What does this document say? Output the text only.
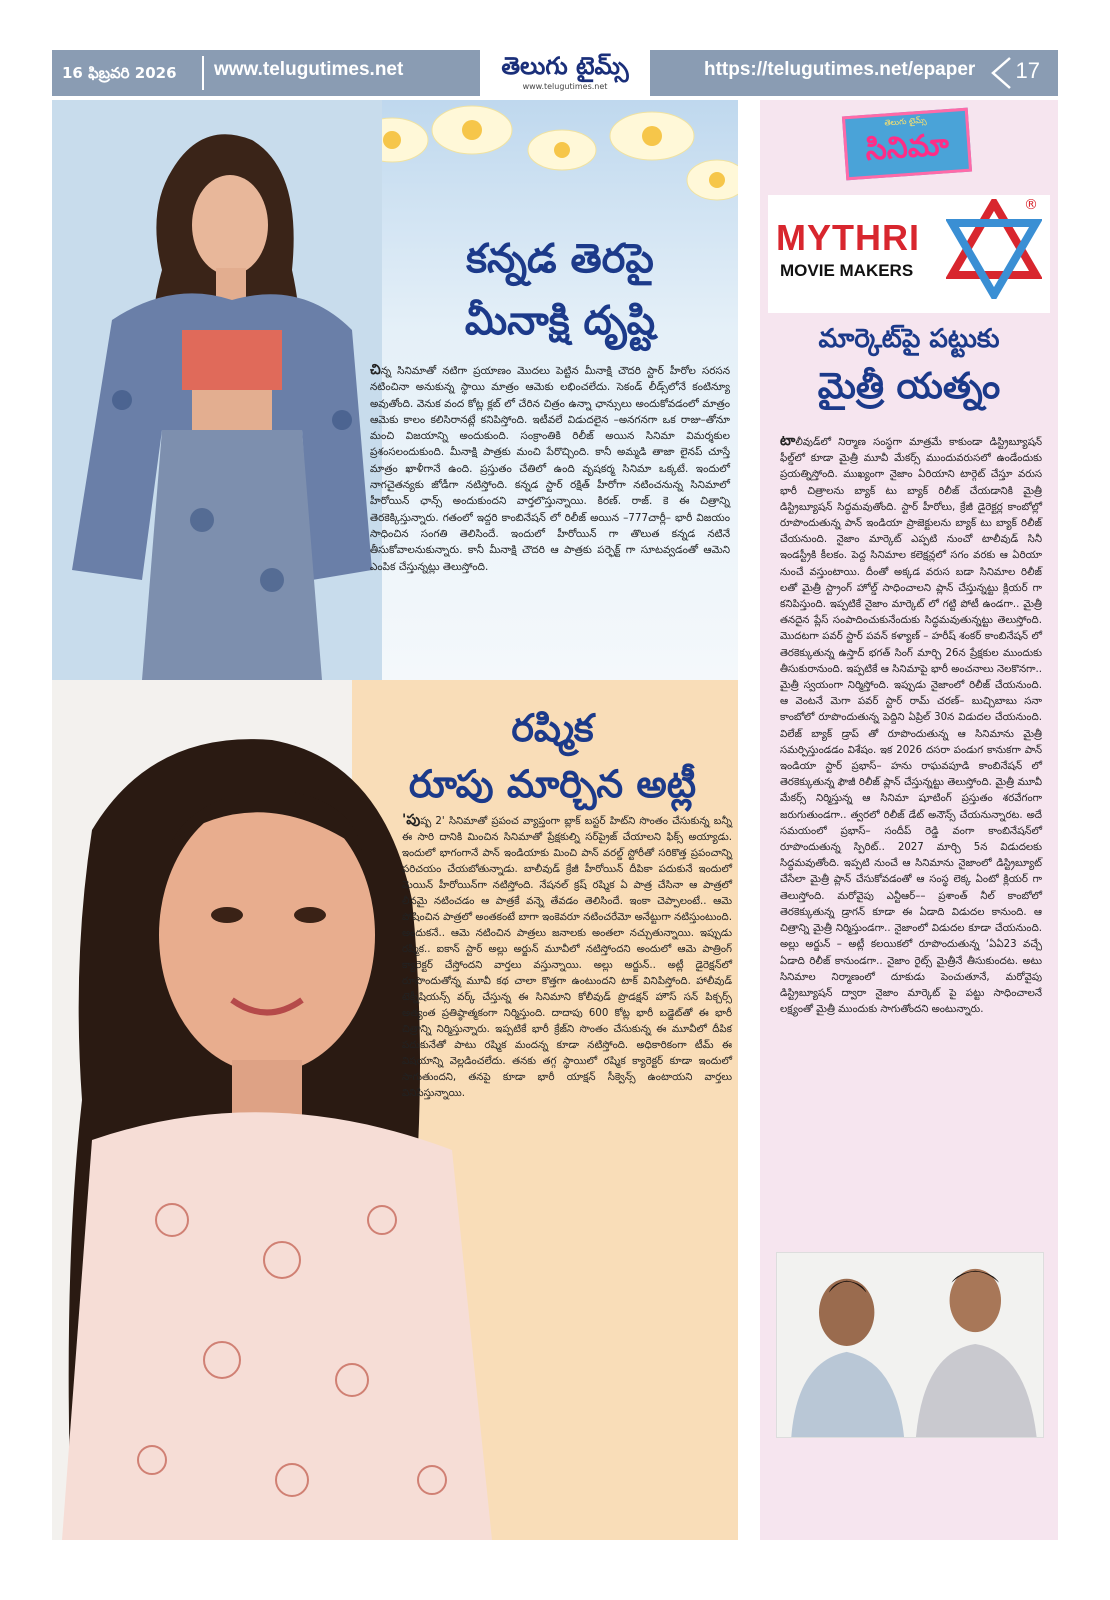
16 ఫిబ్రవరి 2026 www.telugutimes.net	తెలుగు టైమ్స్
www.telugutimes.net
https://telugutimes.net/epaper 17
కన్నడ తెరపై
మీనాక్షి దృష్టి
చిన్న సినిమాతో నటిగా ప్రయాణం మొదలు పెట్టిన మీనాక్షి చౌదరి స్టార్ హీరోల సరసన నటించినా అనుకున్న స్థాయి మాత్రం ఆమెకు లభించలేదు. సెకండ్ లీడ్స్‌లోనే కంటిన్యూ అవుతోంది. వెనుక వంద కోట్ల క్లబ్ లో చేరిన చిత్రం ఉన్నా ఛాన్సులు అందుకోవడంలో మాత్రం ఆమెకు కాలం కలిసిరానట్లే కనిపిస్తోంది. ఇటీవలే విడుదలైన –అనగనగా ఒక రాజు–తోనూ మంచి విజయాన్ని అందుకుంది. సంక్రాంతికి రిలీజ్ అయిన సినిమా విమర్శకుల ప్రశంసలందుకుంది. మీనాక్షి పాత్రకు మంచి పేరొచ్చింది. కానీ అమ్మడి తాజా లైనప్ చూస్తే మాత్రం ఖాళీగానే ఉంది. ప్రస్తుతం చేతిలో ఉంది వృషకర్మ సినిమా ఒక్కటే. ఇందులో నాగచైతన్యకు జోడీగా నటిస్తోంది. కన్నడ స్టార్ రక్షిత్ హీరోగా నటించనున్న సినిమాలో హీరోయిన్ ఛాన్స్ అందుకుందని వార్తలొస్తున్నాయి. కిరణ్. రాజ్. కె ఈ చిత్రాన్ని తెరకెక్కిస్తున్నారు. గతంలో ఇద్దరి కాంబినేషన్ లో రిలీజ్ అయిన –777చార్లీ– భారీ విజయం సాధించిన సంగతి తెలిసిందే. ఇందులో హీరోయిన్ గా తొలుత కన్నడ నటినే తీసుకోవాలనుకున్నారు. కానీ మీనాక్షి చౌదరి ఆ పాత్రకు పర్ఫెక్ట్ గా సూటవ్వడంతో ఆమెని ఎంపిక చేస్తున్నట్లు తెలుస్తోంది.
రష్మిక
రూపు మార్చిన అట్లీ
'పుష్ప 2' సినిమాతో ప్రపంచ వ్యాప్తంగా బ్లాక్ బస్టర్ హిట్‌ని సొంతం చేసుకున్న బన్నీ ఈ సారి దానికి మించిన సినిమాతో ప్రేక్షకుల్ని సర్‌ప్రైజ్ చేయాలని ఫిక్స్ అయ్యాడు. ఇందులో భాగంగానే పాన్ ఇండియాకు మించి పాన్ వరల్డ్ స్టోరీతో సరికొత్త ప్రపంచాన్ని పరిచయం చేయబోతున్నాడు. బాలీవుడ్ క్రేజీ హీరోయిన్ దీపికా పదుకునే ఇందులో మెయిన్ హీరోయిన్‌గా నటిస్తోంది. నేషనల్ క్రష్ రష్మిక ఏ పాత్ర చేసినా ఆ పాత్రలో లీనమై నటించడం ఆ పాత్రకే వన్నె తేవడం తెలిసిందే. ఇంకా చెప్పాలంటే.. ఆమె పోషించిన పాత్రలో అంతకంటే బాగా ఇంకెవరూ నటించరేమో అనేట్టుగా నటిస్తుంటుంది. అందుకనే.. ఆమె నటించిన పాత్రలు జనాలకు అంతలా నచ్చుతున్నాయి. ఇప్పుడు రష్మిక.. ఐకాన్ స్టార్ అల్లు అర్జున్ మూవీలో నటిస్తోందని అందులో ఆమె పాత్రింగ్ క్యారెక్టర్ చేస్తోందని వార్తలు వస్తున్నాయి. అల్లు అర్జున్.. అట్లీ డైరెక్షన్‌లో రూపొందుతోన్న మూవీ కథ చాలా కొత్తగా ఉంటుందని టాక్ వినిపిస్తోంది. హాలీవుడ్ టెక్నీషియన్స్ వర్క్ చేస్తున్న ఈ సినిమాని కోలీవుడ్ ప్రొడక్షన్ హౌస్ సన్ పిక్చర్స్ అత్యంత ప్రతిష్ఠాత్మకంగా నిర్మిస్తుంది. దాదాపు 600 కోట్ల భారీ బడ్జెట్‌తో ఈ భారీ చిత్రాన్ని నిర్మిస్తున్నారు. ఇప్పటికే భారీ క్రేజ్‌ని సొంతం చేసుకున్న ఈ మూవీలో దీపిక పదుకునేతో పాటు రష్మిక మందన్న కూడా నటిస్తోంది. అధికారికంగా టీమ్ ఈ విషయాన్ని వెల్లడించలేదు. తనకు తగ్గ స్థాయిలో రష్మిక క్యారెక్టర్ కూడా ఇందులో సాగుతుందని, తనపై కూడా భారీ యాక్షన్ సీక్వెన్స్ ఉంటాయని వార్తలు వినిపిస్తున్నాయి.
తెలుగు టైమ్స్
సినిమా
MYTHRI
MOVIE MAKERS
®
మార్కెట్‌పై పట్టుకు
మైత్రీ యత్నం
టాలీవుడ్‌లో నిర్మాణ సంస్థగా మాత్రమే కాకుండా డిస్ట్రిబ్యూషన్ ఫీల్డ్‌లో కూడా మైత్రీ మూవీ మేకర్స్ ముందువరుసలో ఉండేందుకు ప్రయత్నిస్తోంది. ముఖ్యంగా నైజాం ఏరియాని టార్గెట్ చేస్తూ వరుస భారీ చిత్రాలను బ్యాక్ టు బ్యాక్ రిలీజ్ చేయడానికి మైత్రీ డిస్ట్రిబ్యూషన్ సిద్ధమవుతోంది. స్టార్ హీరోలు, క్రేజీ డైరెక్టర్ల కాంబోల్లో రూపొందుతున్న పాన్ ఇండియా ప్రాజెక్టులను బ్యాక్ టు బ్యాక్ రిలీజ్ చేయనుంది. నైజాం మార్కెట్ ఎప్పటి నుంచో టాలీవుడ్ సినీ ఇండస్ట్రీకి కీలకం. పెద్ద సినిమాల కలెక్షన్లలో సగం వరకు ఆ ఏరియా నుంచే వస్తుంటాయి. దీంతో అక్కడ వరుస బడా సినిమాల రిలీజ్ లతో మైత్రీ స్ట్రాంగ్ హోల్డ్ సాధించాలని ప్లాన్ చేస్తున్నట్టు క్లియర్ గా కనిపిస్తుంది. ఇప్పటికే నైజాం మార్కెట్ లో గట్టి పోటీ ఉండగా.. మైత్రీ తనదైన ప్లేస్ సంపాదించుకునేందుకు సిద్ధమవుతున్నట్టు తెలుస్తోంది. మొదటగా పవర్ స్టార్ పవన్ కళ్యాణ్ – హరీష్ శంకర్ కాంబినేషన్ లో తెరకెక్కుతున్న ఉస్తాద్ భగత్ సింగ్ మార్చి 26న ప్రేక్షకుల ముందుకు తీసుకురానుంది. ఇప్పటికే ఆ సినిమాపై భారీ అంచనాలు నెలకొనగా.. మైత్రీ స్వయంగా నిర్మిస్తోంది. ఇప్పుడు నైజాంలో రిలీజ్ చేయనుంది. ఆ వెంటనే మెగా పవర్ స్టార్ రామ్ చరణ్– బుచ్చిబాబు సనా కాంబోలో రూపొందుతున్న పెద్దిని ఏప్రిల్ 30న విడుదల చేయనుంది. విలేజ్ బ్యాక్ డ్రాప్ తో రూపొందుతున్న ఆ సినిమాను మైత్రీ సమర్పిస్తుండడం విశేషం. ఇక 2026 దసరా పండుగ కానుకగా పాన్ ఇండియా స్టార్ ప్రభాస్– హను రాఘవపూడి కాంబినేషన్ లో తెరకెక్కుతున్న ఫౌజీ రిలీజ్ ప్లాన్ చేస్తున్నట్టు తెలుస్తోంది. మైత్రీ మూవీ మేకర్స్ నిర్మిస్తున్న ఆ సినిమా షూటింగ్ ప్రస్తుతం శరవేగంగా జరుగుతుండగా.. త్వరలో రిలీజ్ డేట్ అనౌన్స్ చేయనున్నారట. అదే సమయంలో ప్రభాస్– సందీప్ రెడ్డి వంగా కాంబినేషన్‌లో రూపొందుతున్న స్పిరిట్.. 2027 మార్చి 5న విడుదలకు సిద్ధమవుతోంది. ఇప్పటి నుంచే ఆ సినిమాను నైజాంలో డిస్ట్రిబ్యూట్ చేసేలా మైత్రీ ప్లాన్ చేసుకోవడంతో ఆ సంస్థ లెక్క ఏంటో క్లియర్ గా తెలుస్తోంది. మరోవైపు ఎన్టీఆర్–– ప్రశాంత్ నీల్ కాంబోలో తెరకెక్కుతున్న డ్రాగన్ కూడా ఈ ఏడాది విడుదల కానుంది. ఆ చిత్రాన్ని మైత్రీ నిర్మిస్తుండగా.. నైజాంలో విడుదల కూడా చేయనుంది. అల్లు అర్జున్ – అట్లీ కలయికలో రూపొందుతున్న ‘ఏఏ23 వచ్చే ఏడాది రిలీజ్ కానుండగా.. నైజాం రైట్స్ మైత్రీనే తీసుకుందట. అటు సినిమాల నిర్మాణంలో దూకుడు పెంచుతూనే, మరోవైపు డిస్ట్రిబ్యూషన్ ద్వారా నైజాం మార్కెట్ పై పట్టు సాధించాలనే లక్ష్యంతో మైత్రీ ముందుకు సాగుతోందని అంటున్నారు.
